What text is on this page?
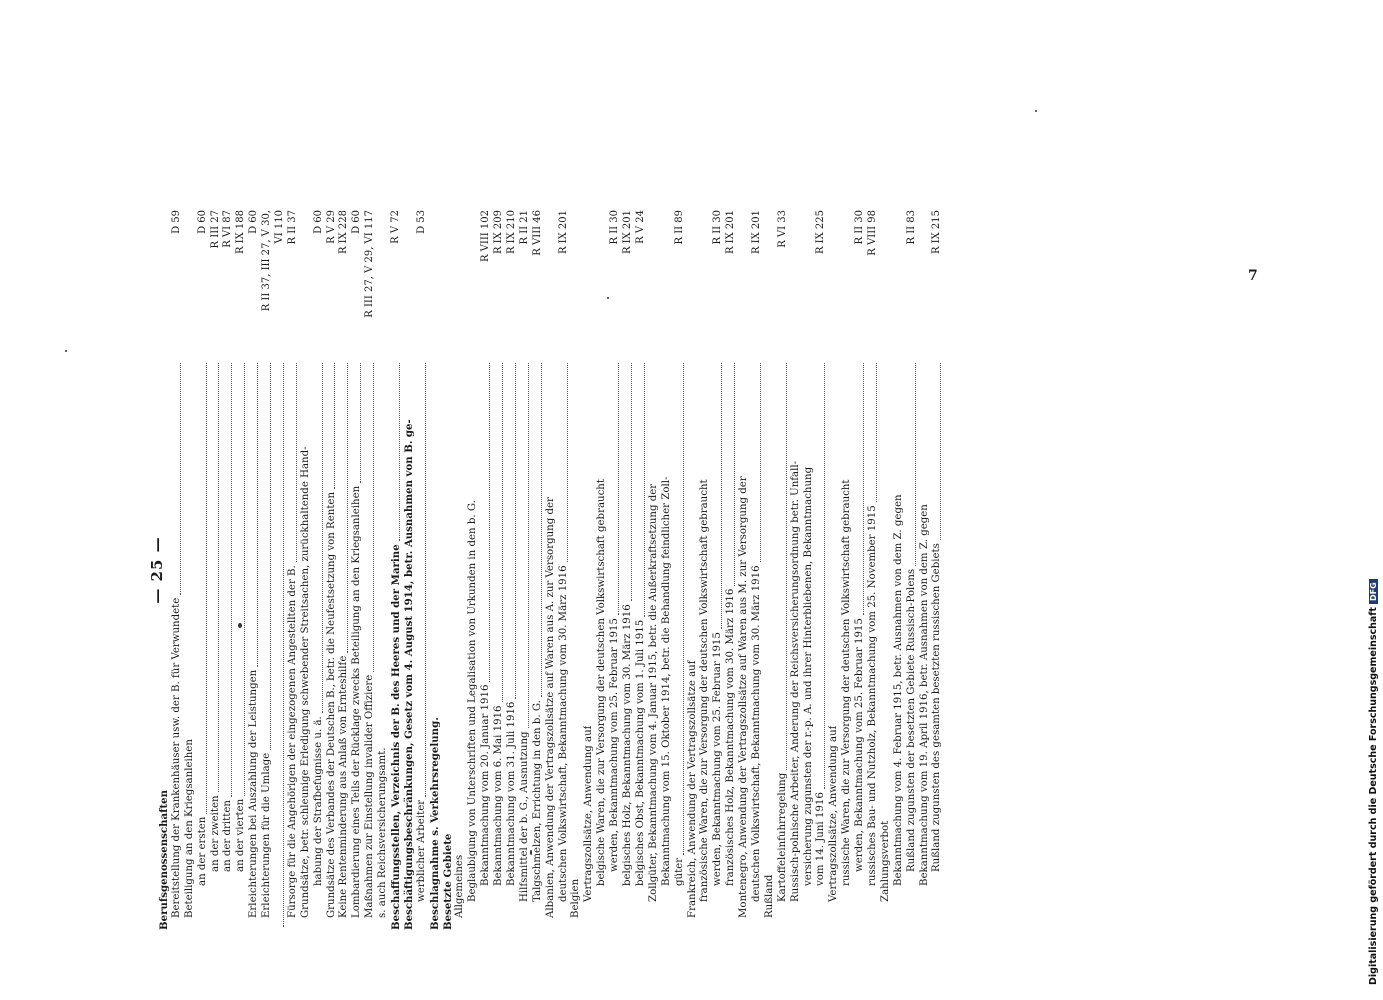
— 25 —
Berufsgenossenschaften Bereitstellung der Krankenhäuser usw. der B. für Verwundete
D 59
Beteiligung an den Kriegsanleihen an der ersten
D 60
an der zweiten
R III 27
an der dritten
R VI 87
an der vierten
R IX 188
Erleichterungen bei Auszahlung der Leistungen
D 60
Erleichterungen für die Umlage
R II 37, III 27, V 30, VI 110
Fürsorge für die Angehörigen der eingezogenen Angestellten der B.
R II 37
Grundsätze, betr. schleunige Erledigung schwebender Streitsachen, zurückhaltende Hand- habung der Strafbefugnisse u. ä.
D 60
Grundsätze des Verbandes der Deutschen B., betr. die Neufestsetzung von Renten
R V 29
Keine Rentenminderung aus Anlaß von Ernteshilfe
R IX 228
Lombardierung eines Teils der Rücklage zwecks Beteiligung an den Kriegsanleihen
D 60
Maßnahmen zur Einstellung invalider Offiziere
R III 27, V 29, VI 117
s. auch Reichsversicherungsamt. Beschaffungsstellen, Verzeichnis der B. des Heeres und der Marine
R V 72
Beschäftigungsbeschränkungen, Gesetz vom 4. August 1914, betr. Ausnahmen von B. ge- werblicher Arbeiter
D 53
Beschlagnahme s. Verkehrsregelung. Besetzte Gebiete Allgemeines Beglaubigung von Unterschriften und Legalisation von Urkunden in den b. G. Bekanntmachung vom 20. Januar 1916
R VIII 102
Bekanntmachung vom 6. Mai 1916
R IX 209
Bekanntmachung vom 31. Juli 1916
R IX 210
Hilfsmittel der b. G., Ausnutzung
R II 21
Talgschmelzen, Errichtung in den b. G.
R VIII 46
Albanien, Anwendung der Vertragszollsätze auf Waren aus A. zur Versorgung der deutschen Volkswirtschaft, Bekanntmachung vom 30. März 1916
R IX 201
Belgien Vertragszollsätze, Anwendung auf belgische Waren, die zur Versorgung der deutschen Volkswirtschaft gebraucht werden, Bekanntmachung vom 25. Februar 1915
R II 30
belgisches Holz, Bekanntmachung vom 30. März 1916
R IX 201
belgisches Obst, Bekanntmachung vom 1. Juli 1915
R V 24
Zollgüter, Bekanntmachung vom 4. Januar 1915, betr. die Außerkraftsetzung der Bekanntmachung vom 15. Oktober 1914, betr. die Behandlung feindlicher Zoll- güter
R II 89
Frankreich, Anwendung der Vertragszollsätze auf französische Waren, die zur Versorgung der deutschen Volkswirtschaft gebraucht werden, Bekanntmachung vom 25. Februar 1915
R II 30
französisches Holz, Bekanntmachung vom 30. März 1916
R IX 201
Montenegro, Anwendung der Vertragszollsätze auf Waren aus M. zur Versorgung der deutschen Volkswirtschaft, Bekanntmachung vom 30. März 1916
R IX 201
Rußland Kartoffeleinfuhrregelung
R VI 33
Russisch-polnische Arbeiter, Änderung der Reichsversicherungsordnung betr. Unfall- versicherung zugunsten der r.-p. A. und ihrer Hinterbliebenen, Bekanntmachung vom 14. Juni 1916
R IX 225
Vertragszollsätze, Anwendung auf russische Waren, die zur Versorgung der deutschen Volkswirtschaft gebraucht werden, Bekanntmachung vom 25. Februar 1915
R II 30
russisches Bau- und Nutzholz, Bekanntmachung vom 25. November 1915
R VIII 98
Zahlungsverbot Bekanntmachung vom 4. Februar 1915, betr. Ausnahmen von dem Z. gegen Rußland zugunsten der besetzten Gebiete Russisch-Polens
R II 83
Bekanntmachung vom 19. April 1916, betr. Ausnahmen von dem Z. gegen Rußland zugunsten des gesamten besetzten russischen Gebiets
R IX 215
7
Digitalisierung gefördert durch die Deutsche ForschungsgemeinschaftDFG
